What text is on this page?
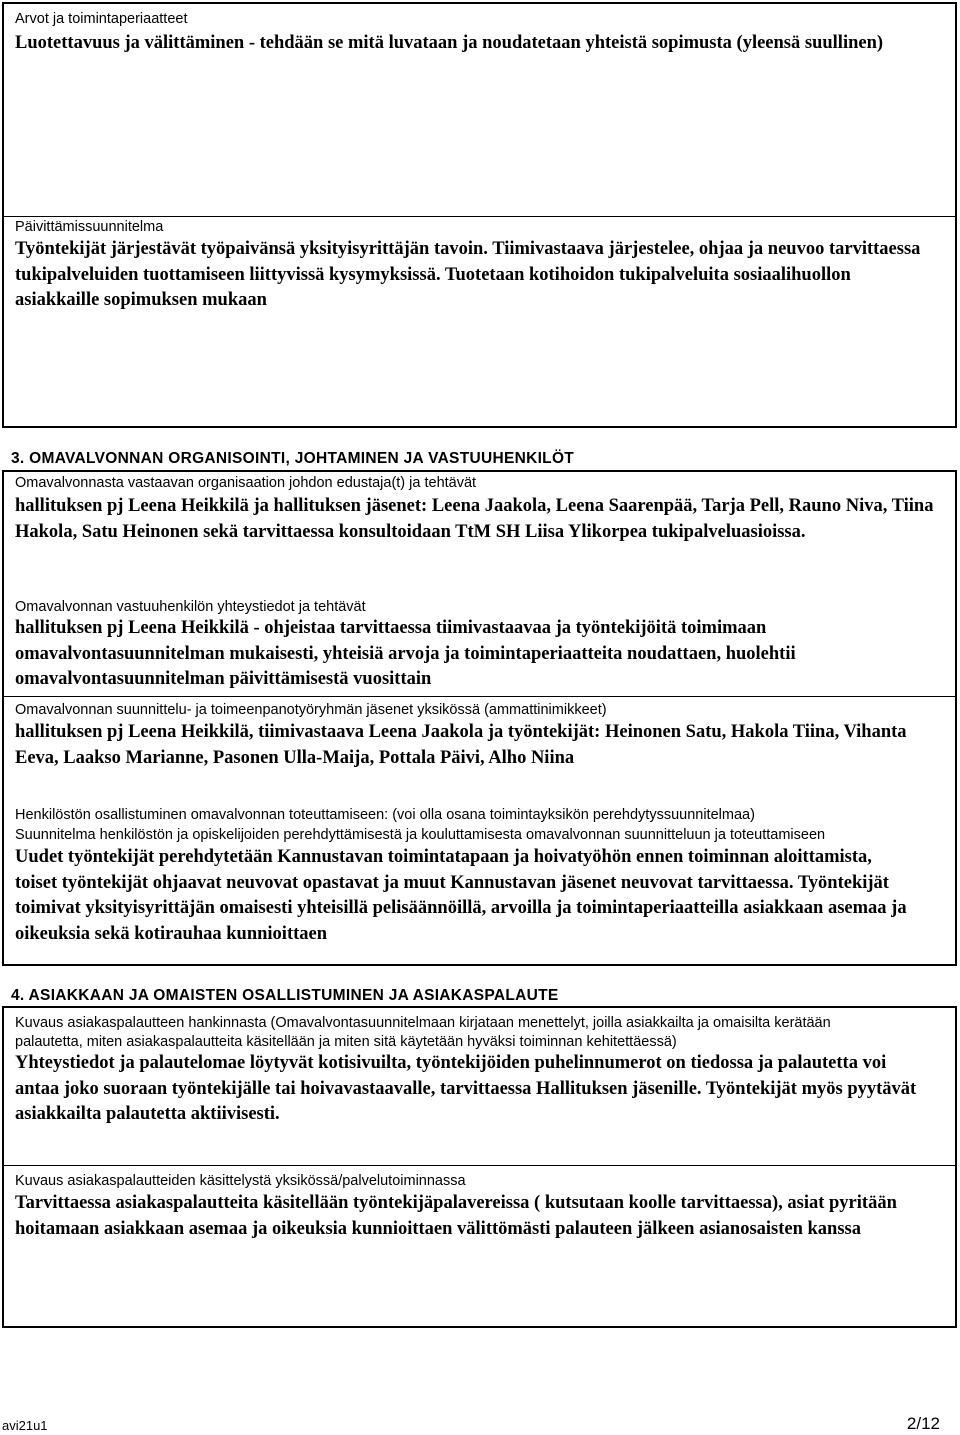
Arvot ja toimintaperiaatteet
Luotettavuus ja välittäminen - tehdään se mitä luvataan ja noudatetaan yhteistä sopimusta (yleensä suullinen)
Päivittämissuunnitelma
Työntekijät järjestävät työpaivänsä yksityisyrittäjän tavoin. Tiimivastaava järjestelee, ohjaa ja neuvoo tarvittaessa tukipalveluiden tuottamiseen liittyvissä kysymyksissä. Tuotetaan kotihoidon tukipalveluita sosiaalihuollon asiakkaille sopimuksen mukaan
3. OMAVALVONNAN ORGANISOINTI, JOHTAMINEN JA VASTUUHENKILÖT
Omavalvonnasta vastaavan organisaation johdon edustaja(t) ja tehtävät
hallituksen pj Leena Heikkilä ja hallituksen jäsenet: Leena Jaakola, Leena Saarenpää, Tarja Pell, Rauno Niva, Tiina Hakola, Satu Heinonen sekä tarvittaessa konsultoidaan TtM SH Liisa Ylikorpea tukipalveluasioissa.
Omavalvonnan vastuuhenkilön yhteystiedot ja tehtävät
hallituksen pj Leena Heikkilä - ohjeistaa tarvittaessa tiimivastaavaa ja työntekijöitä toimimaan omavalvontasuunnitelman mukaisesti, yhteisiä arvoja ja toimintaperiaatteita noudattaen, huolehtii omavalvontasuunnitelman päivittämisestä vuosittain
Omavalvonnan suunnittelu- ja toimeenpanotyöryhmän jäsenet yksikössä (ammattinimikkeet)
hallituksen pj Leena Heikkilä, tiimivastaava Leena Jaakola ja työntekijät: Heinonen Satu, Hakola Tiina, Vihanta Eeva, Laakso Marianne, Pasonen Ulla-Maija, Pottala Päivi, Alho Niina
Henkilöstön osallistuminen omavalvonnan toteuttamiseen: (voi olla osana toimintayksikön perehdytyssuunnitelmaa)
Suunnitelma henkilöstön ja opiskelijoiden perehdyttämisestä ja kouluttamisesta omavalvonnan suunnitteluun ja toteuttamiseen
Uudet työntekijät perehdytetään Kannustavan toimintatapaan ja hoivatyöhön ennen toiminnan aloittamista, toiset työntekijät ohjaavat neuvovat opastavat ja muut Kannustavan jäsenet neuvovat tarvittaessa. Työntekijät toimivat yksityisyrittäjän omaisesti yhteisillä pelisäännöillä, arvoilla ja toimintaperiaatteilla asiakkaan asemaa ja oikeuksia sekä kotirauhaa kunnioittaen
4. ASIAKKAAN JA OMAISTEN OSALLISTUMINEN JA ASIAKASPALAUTE
Kuvaus asiakaspalautteen hankinnasta (Omavalvontasuunnitelmaan kirjataan menettelyt, joilla asiakkailta ja omaisilta kerätään
palautetta, miten asiakaspalautteita käsitellään ja miten sitä käytetään hyväksi toiminnan kehitettäessä)
Yhteystiedot ja palautelomae löytyvät kotisivuilta, työntekijöiden puhelinnumerot on tiedossa ja palautetta voi antaa joko suoraan työntekijälle tai hoivavastaavalle, tarvittaessa Hallituksen jäsenille. Työntekijät myös pyytävät asiakkailta palautetta aktiivisesti.
Kuvaus asiakaspalautteiden käsittelystä yksikössä/palvelutoiminnassa
Tarvittaessa asiakaspalautteita käsitellään työntekijäpalavereissa ( kutsutaan koolle tarvittaessa), asiat pyritään hoitamaan asiakkaan asemaa ja oikeuksia kunnioittaen välittömästi palauteen jälkeen asianosaisten kanssa
avi21u1	2/12
